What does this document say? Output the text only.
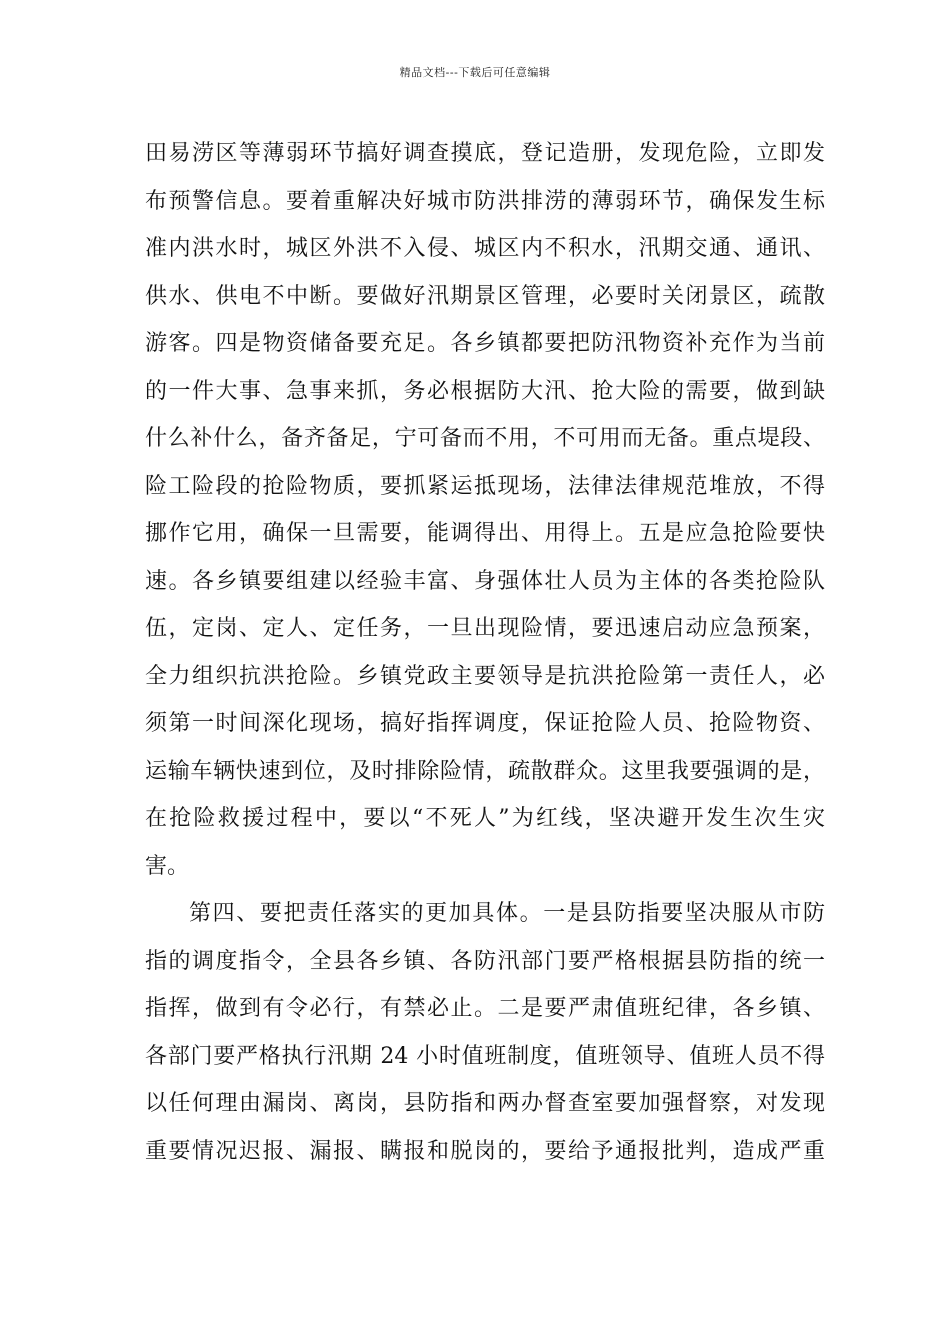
精品文档---下载后可任意编辑
田易涝区等薄弱环节搞好调查摸底，登记造册，发现危险，立即发
布预警信息。要着重解决好城市防洪排涝的薄弱环节，确保发生标
准内洪水时，城区外洪不入侵、城区内不积水，汛期交通、通讯、
供水、供电不中断。要做好汛期景区管理，必要时关闭景区，疏散
游客。四是物资储备要充足。各乡镇都要把防汛物资补充作为当前
的一件大事、急事来抓，务必根据防大汛、抢大险的需要，做到缺
什么补什么，备齐备足，宁可备而不用，不可用而无备。重点堤段、
险工险段的抢险物质，要抓紧运抵现场，法律法律规范堆放，不得
挪作它用，确保一旦需要，能调得出、用得上。五是应急抢险要快
速。各乡镇要组建以经验丰富、身强体壮人员为主体的各类抢险队
伍，定岗、定人、定任务，一旦出现险情，要迅速启动应急预案，
全力组织抗洪抢险。乡镇党政主要领导是抗洪抢险第一责任人，必
须第一时间深化现场，搞好指挥调度，保证抢险人员、抢险物资、
运输车辆快速到位，及时排除险情，疏散群众。这里我要强调的是，
在抢险救援过程中，要以“不死人”为红线，坚决避开发生次生灾
害。
第四、要把责任落实的更加具体。一是县防指要坚决服从市防
指的调度指令，全县各乡镇、各防汛部门要严格根据县防指的统一
指挥，做到有令必行，有禁必止。二是要严肃值班纪律，各乡镇、
各部门要严格执行汛期 24 小时值班制度，值班领导、值班人员不得
以任何理由漏岗、离岗，县防指和两办督查室要加强督察，对发现
重要情况迟报、漏报、瞒报和脱岗的，要给予通报批判，造成严重
